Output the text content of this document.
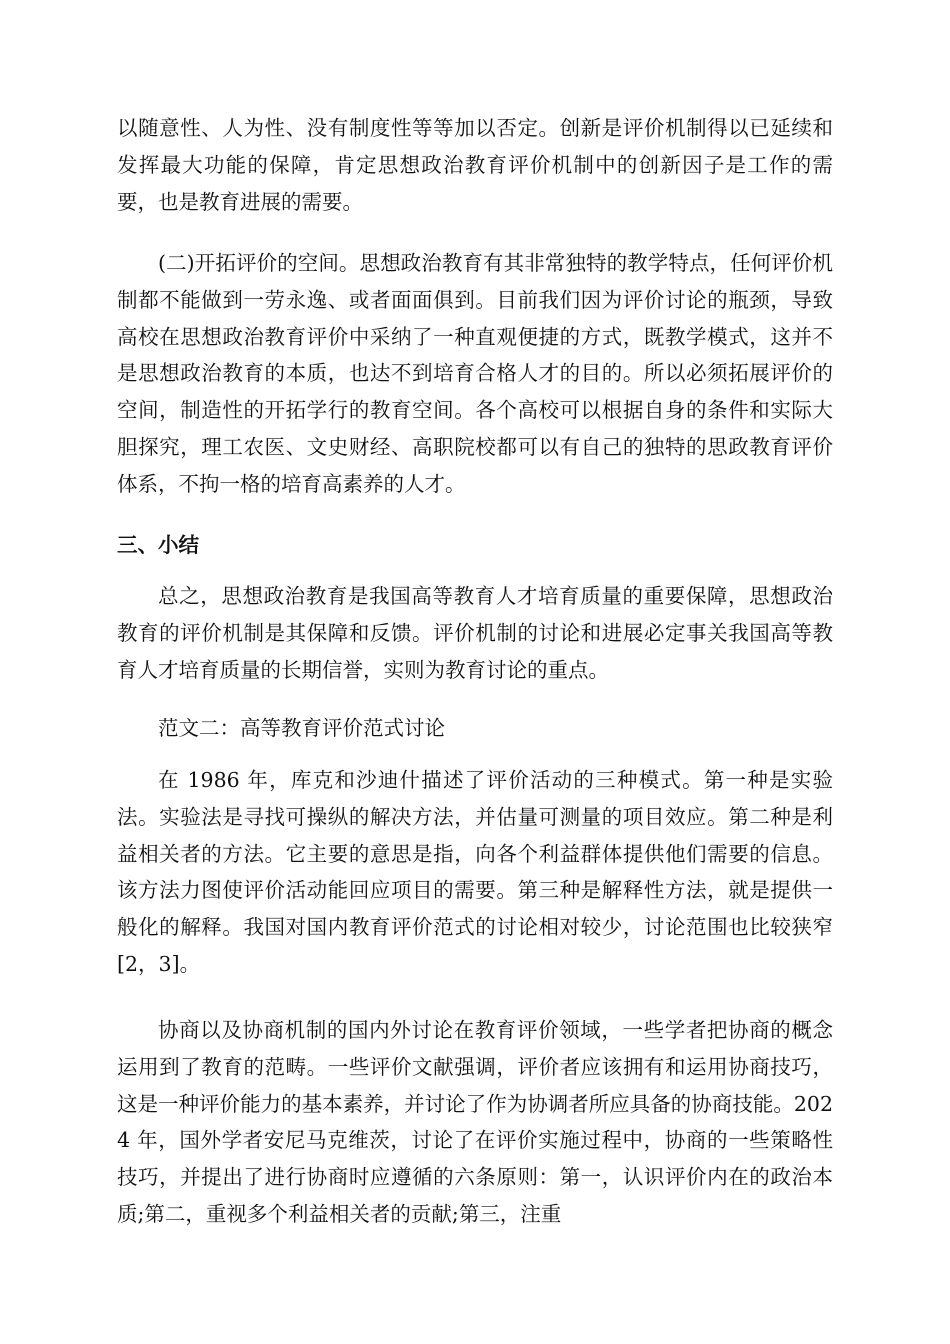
以随意性、人为性、没有制度性等等加以否定。创新是评价机制得以已延续和发挥最大功能的保障，肯定思想政治教育评价机制中的创新因子是工作的需要，也是教育进展的需要。

(二)开拓评价的空间。思想政治教育有其非常独特的教学特点，任何评价机制都不能做到一劳永逸、或者面面俱到。目前我们因为评价讨论的瓶颈，导致高校在思想政治教育评价中采纳了一种直观便捷的方式，既教学模式，这并不是思想政治教育的本质，也达不到培育合格人才的目的。所以必须拓展评价的空间，制造性的开拓学行的教育空间。各个高校可以根据自身的条件和实际大胆探究，理工农医、文史财经、高职院校都可以有自己的独特的思政教育评价体系，不拘一格的培育高素养的人才。

三、小结

总之，思想政治教育是我国高等教育人才培育质量的重要保障，思想政治教育的评价机制是其保障和反馈。评价机制的讨论和进展必定事关我国高等教育人才培育质量的长期信誉，实则为教育讨论的重点。

范文二：高等教育评价范式讨论

在 1986 年，库克和沙迪什描述了评价活动的三种模式。第一种是实验法。实验法是寻找可操纵的解决方法，并估量可测量的项目效应。第二种是利益相关者的方法。它主要的意思是指，向各个利益群体提供他们需要的信息。该方法力图使评价活动能回应项目的需要。第三种是解释性方法，就是提供一般化的解释。我国对国内教育评价范式的讨论相对较少，讨论范围也比较狭窄[2，3]。

协商以及协商机制的国内外讨论在教育评价领域，一些学者把协商的概念运用到了教育的范畴。一些评价文献强调，评价者应该拥有和运用协商技巧，这是一种评价能力的基本素养，并讨论了作为协调者所应具备的协商技能。2024 年，国外学者安尼马克维茨，讨论了在评价实施过程中，协商的一些策略性技巧，并提出了进行协商时应遵循的六条原则：第一，认识评价内在的政治本质;第二，重视多个利益相关者的贡献;第三，注重
